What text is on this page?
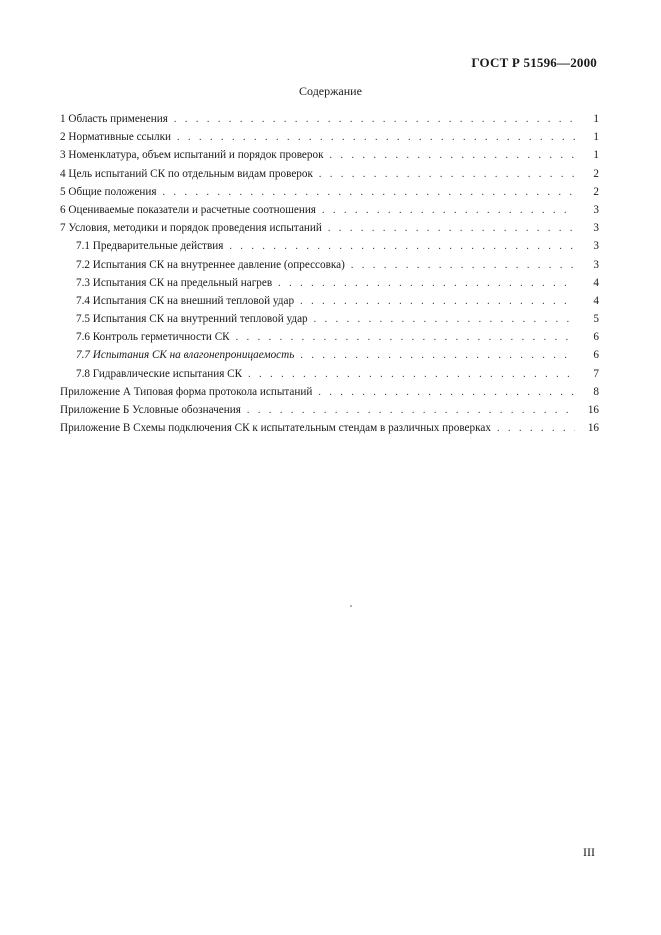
ГОСТ Р 51596—2000
Содержание
1 Область применения . . .	1
2 Нормативные ссылки . . .	1
3 Номенклатура, объем испытаний и порядок проверок . . .	1
4 Цель испытаний СК по отдельным видам проверок . . .	2
5 Общие положения . . .	2
6 Оцениваемые показатели и расчетные соотношения . . .	3
7 Условия, методики и порядок проведения испытаний . . .	3
7.1 Предварительные действия . . .	3
7.2 Испытания СК на внутреннее давление (опрессовка) . . .	3
7.3 Испытания СК на предельный нагрев . . .	4
7.4 Испытания СК на внешний тепловой удар . . .	4
7.5 Испытания СК на внутренний тепловой удар . . .	5
7.6 Контроль герметичности СК . . .	6
7.7 Испытания СК на влагонепроницаемость . . .	6
7.8 Гидравлические испытания СК . . .	7
Приложение А Типовая форма протокола испытаний . . .	8
Приложение Б Условные обозначения . . .	16
Приложение В Схемы подключения СК к испытательным стендам в различных проверках . . .	16
III
